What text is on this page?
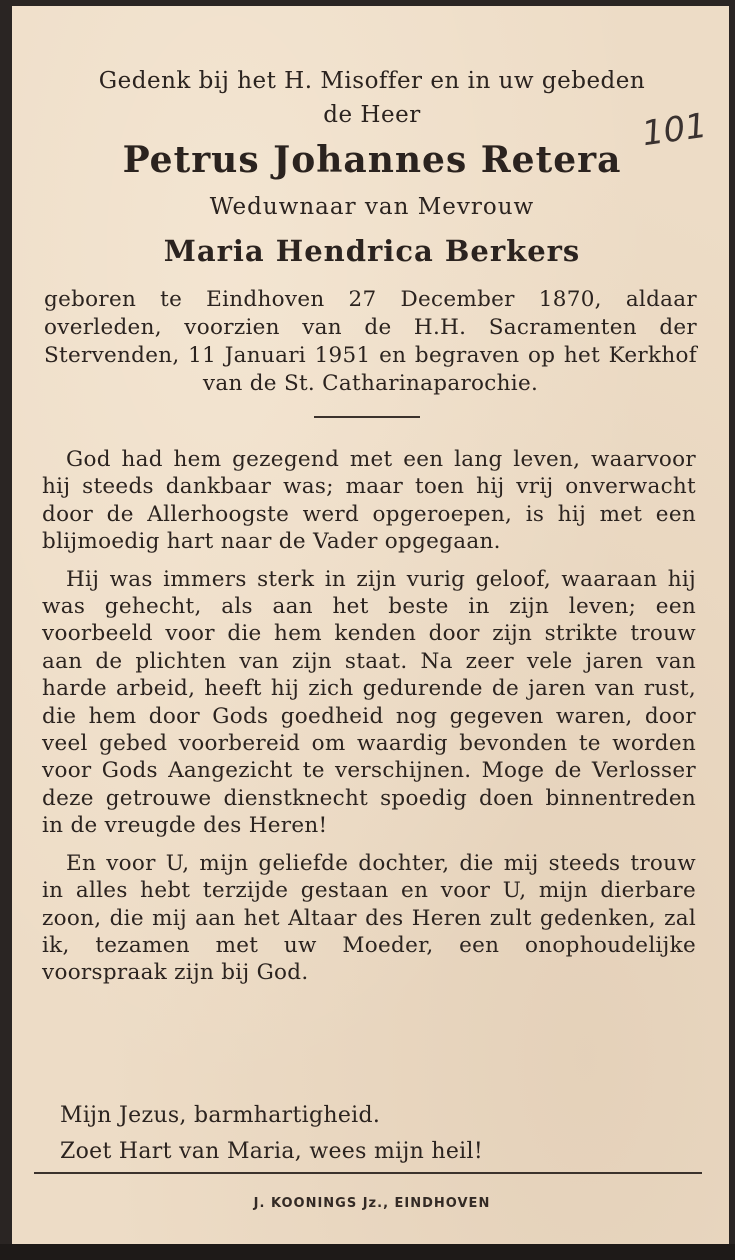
Gedenk bij het H. Misoffer en in uw gebeden
de Heer
Petrus Johannes Retera
101
Weduwnaar van Mevrouw
Maria Hendrica Berkers
geboren te Eindhoven 27 December 1870, aldaar overleden, voorzien van de H.H. Sacramenten der Stervenden, 11 Januari 1951 en begraven op het Kerkhof van de St. Catharinaparochie.

God had hem gezegend met een lang leven, waarvoor hij steeds dankbaar was; maar toen hij vrij onverwacht door de Allerhoogste werd opgeroepen, is hij met een blijmoedig hart naar de Vader opgegaan.

Hij was immers sterk in zijn vurig geloof, waaraan hij was gehecht, als aan het beste in zijn leven; een voorbeeld voor die hem kenden door zijn strikte trouw aan de plichten van zijn staat. Na zeer vele jaren van harde arbeid, heeft hij zich gedurende de jaren van rust, die hem door Gods goedheid nog gegeven waren, door veel gebed voorbereid om waardig bevonden te worden voor Gods Aangezicht te verschijnen. Moge de Verlosser deze getrouwe dienstknecht spoedig doen binnentreden in de vreugde des Heren!

En voor U, mijn geliefde dochter, die mij steeds trouw in alles hebt terzijde gestaan en voor U, mijn dierbare zoon, die mij aan het Altaar des Heren zult gedenken, zal ik, tezamen met uw Moeder, een onophoudelijke voorspraak zijn bij God.

Mijn Jezus, barmhartigheid.
Zoet Hart van Maria, wees mijn heil!
J. KOONINGS Jz., EINDHOVEN
